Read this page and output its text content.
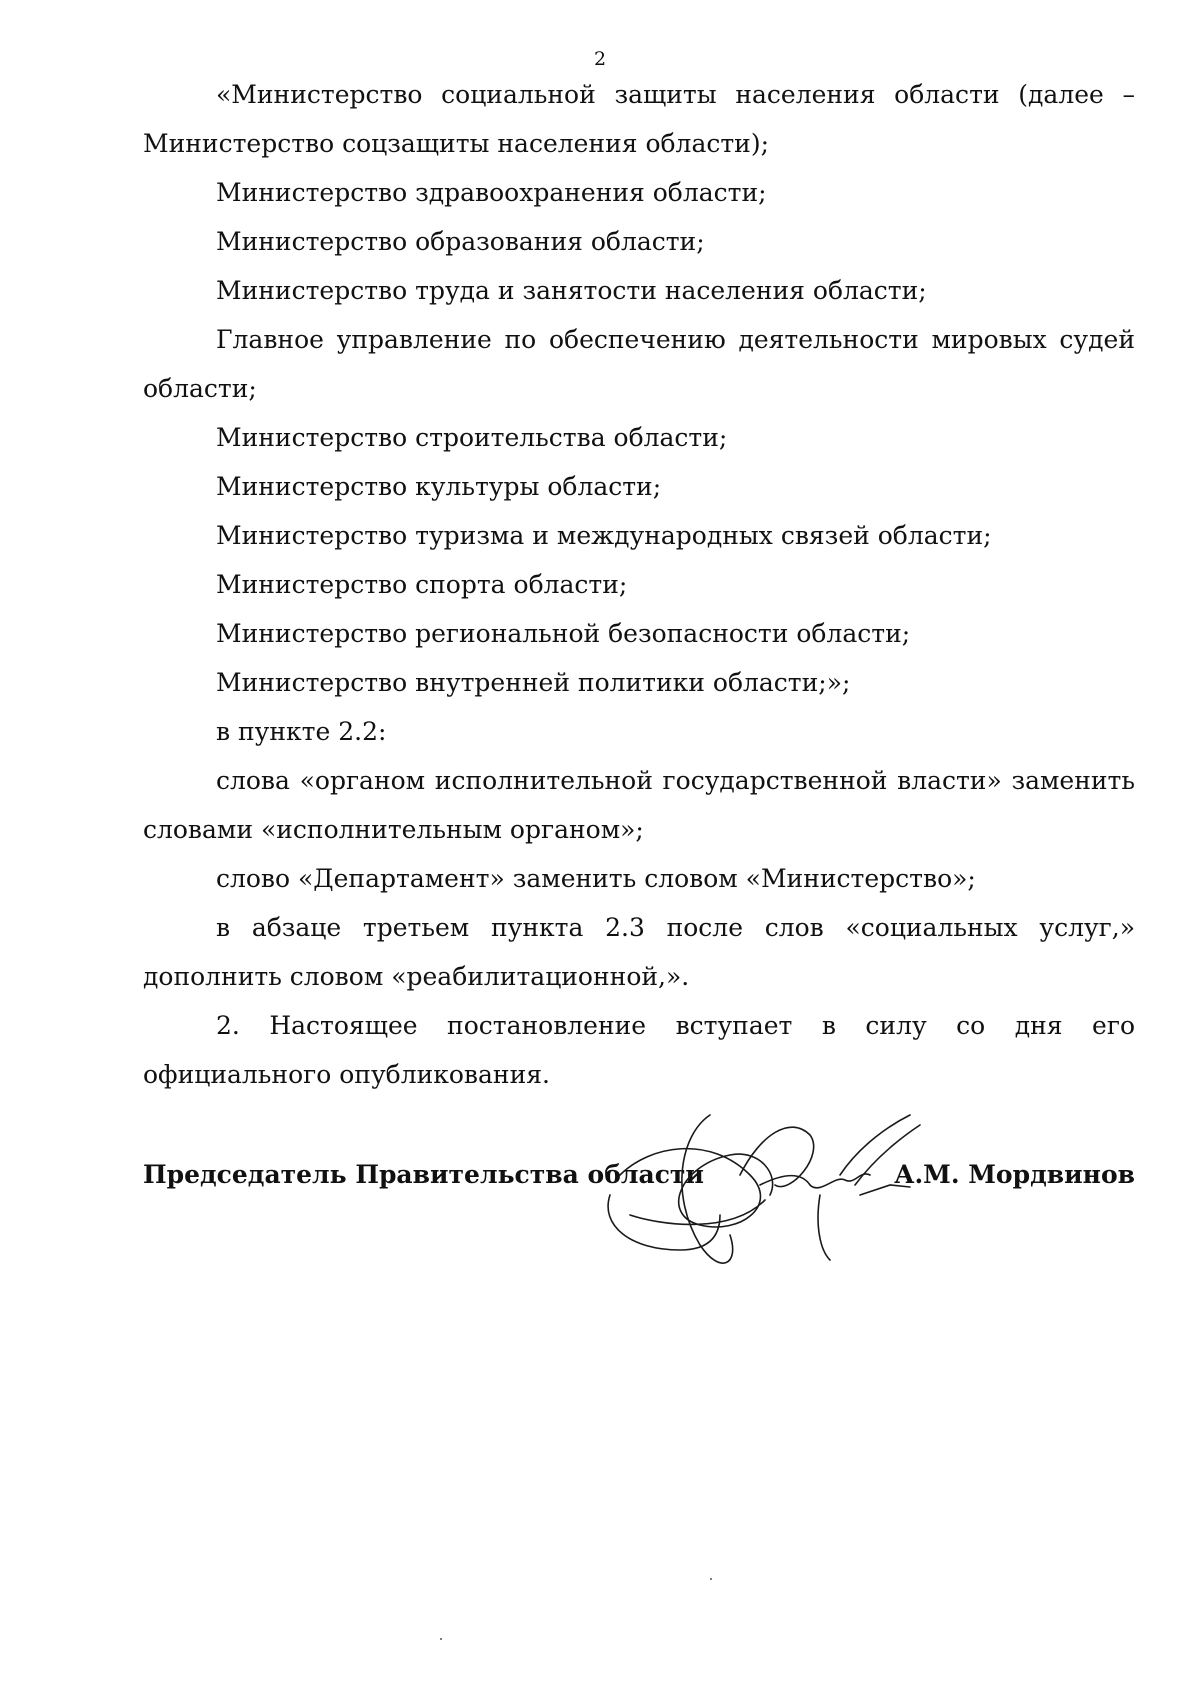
2

«Министерство социальной защиты населения области (далее – Министерство соцзащиты населения области);

Министерство здравоохранения области;

Министерство образования области;

Министерство труда и занятости населения области;

Главное управление по обеспечению деятельности мировых судей области;

Министерство строительства области;

Министерство культуры области;

Министерство туризма и международных связей области;

Министерство спорта области;

Министерство региональной безопасности области;

Министерство внутренней политики области;»;

в пункте 2.2:

слова «органом исполнительной государственной власти» заменить словами «исполнительным органом»;

слово «Департамент» заменить словом «Министерство»;

в абзаце третьем пункта 2.3 после слов «социальных услуг,» дополнить словом «реабилитационной,».

2. Настоящее постановление вступает в силу со дня его официального опубликования.

Председатель Правительства области	А.М. Мордвинов
